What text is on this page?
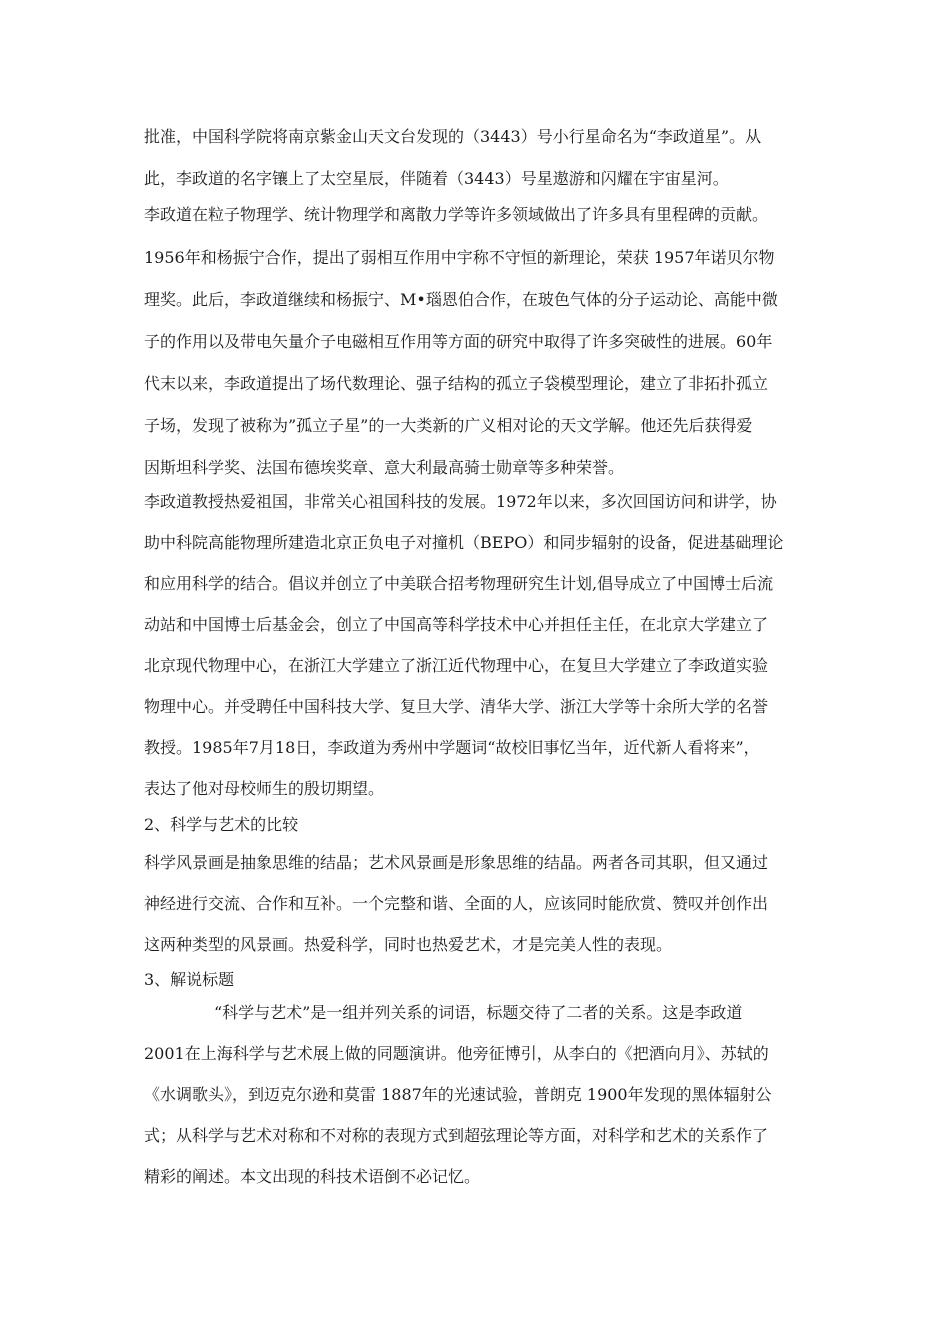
批准，中国科学院将南京紫金山天文台发现的（3443）号小行星命名为“李政道星”。从
此，李政道的名字镶上了太空星辰，伴随着（3443）号星遨游和闪耀在宇宙星河。
李政道在粒子物理学、统计物理学和离散力学等许多领域做出了许多具有里程碑的贡献。
1956年和杨振宁合作，提出了弱相互作用中宇称不守恒的新理论，荣获 1957年诺贝尔物
理奖。此后，李政道继续和杨振宁、M•瑙恩伯合作，在玻色气体的分子运动论、高能中微
子的作用以及带电矢量介子电磁相互作用等方面的研究中取得了许多突破性的进展。60年
代末以来，李政道提出了场代数理论、强子结构的孤立子袋模型理论，建立了非拓扑孤立
子场，发现了被称为”孤立子星”的一大类新的广义相对论的天文学解。他还先后获得爱
因斯坦科学奖、法国布德埃奖章、意大利最高骑士勋章等多种荣誉。
李政道教授热爱祖国，非常关心祖国科技的发展。1972年以来，多次回国访问和讲学，协
助中科院高能物理所建造北京正负电子对撞机（BEPO）和同步辐射的设备，促进基础理论
和应用科学的结合。倡议并创立了中美联合招考物理研究生计划,倡导成立了中国博士后流
动站和中国博士后基金会，创立了中国高等科学技术中心并担任主任，在北京大学建立了
北京现代物理中心，在浙江大学建立了浙江近代物理中心，在复旦大学建立了李政道实验
物理中心。并受聘任中国科技大学、复旦大学、清华大学、浙江大学等十余所大学的名誉
教授。1985年7月18日，李政道为秀州中学题词“故校旧事忆当年，近代新人看将来”，
表达了他对母校师生的殷切期望。
2、科学与艺术的比较
科学风景画是抽象思维的结晶；艺术风景画是形象思维的结晶。两者各司其职，但又通过
神经进行交流、合作和互补。一个完整和谐、全面的人，应该同时能欣赏、赞叹并创作出
这两种类型的风景画。热爱科学，同时也热爱艺术，才是完美人性的表现。
3、解说标题
“科学与艺术”是一组并列关系的词语，标题交待了二者的关系。这是李政道
2001在上海科学与艺术展上做的同题演讲。他旁征博引，从李白的《把酒向月》、苏轼的
《水调歌头》，到迈克尔逊和莫雷 1887年的光速试验，普朗克 1900年发现的黑体辐射公
式；从科学与艺术对称和不对称的表现方式到超弦理论等方面，对科学和艺术的关系作了
精彩的阐述。本文出现的科技术语倒不必记忆。
